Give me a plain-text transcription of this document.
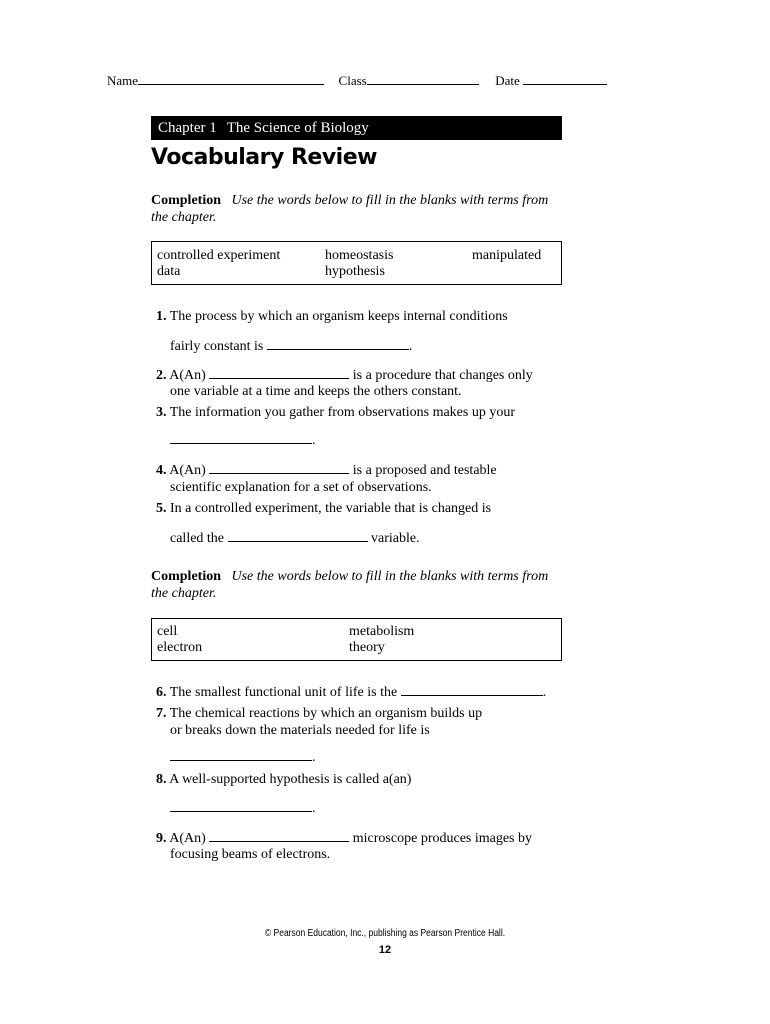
Name	Class	Date
Chapter 1 The Science of Biology
Vocabulary Review
Completion Use the words below to fill in the blanks with terms from the chapter.
controlled experiment	homeostasis	manipulated
data	hypothesis
1. The process by which an organism keeps internal conditions
fairly constant is	.
2. A(An)	is a procedure that changes only
one variable at a time and keeps the others constant.
3. The information you gather from observations makes up your
.
4. A(An)	is a proposed and testable
scientific explanation for a set of observations.
5. In a controlled experiment, the variable that is changed is
called the	variable.
Completion Use the words below to fill in the blanks with terms from the chapter.
cell	metabolism
electron	theory
6. The smallest functional unit of life is the	.
7. The chemical reactions by which an organism builds up
or breaks down the materials needed for life is
.
8. A well-supported hypothesis is called a(an)
.
9. A(An)	microscope produces images by
focusing beams of electrons.
© Pearson Education, Inc., publishing as Pearson Prentice Hall.
12
